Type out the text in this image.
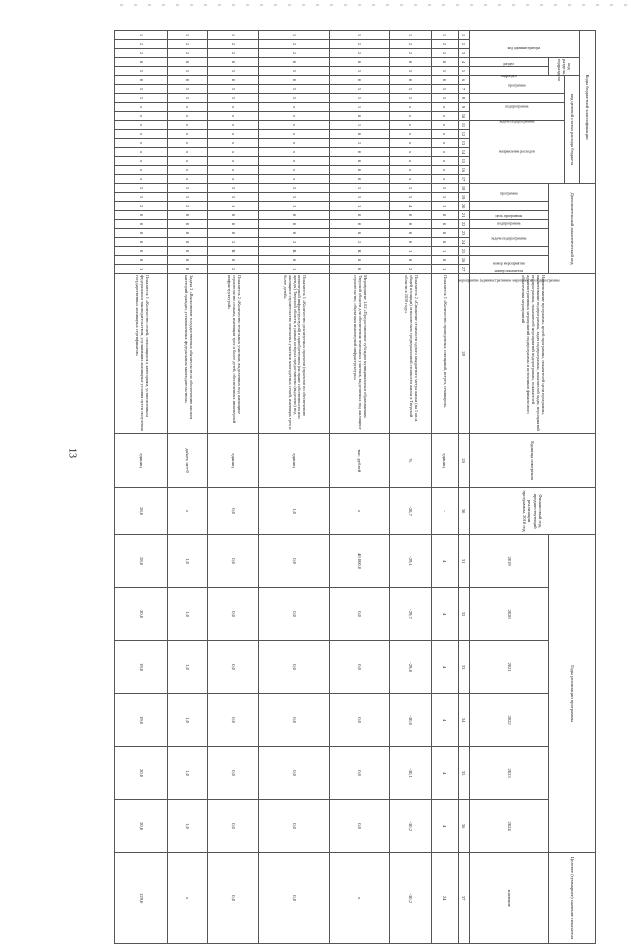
13
Коды бюджетной классификации																	Дополнительный аналитический код										Наименование программы, целей программы, показателей цели программы, наименование подпрограммы, задач подпрограммы, показателей задач, мероприятий подпрограммы, показателей мероприятий подпрограммы, показателей административных мероприятий подпрограммы и источников финансового обеспечения мероприятий	Единица измерения	Финансовый год, предшествующий реализации программы, 2018 год	Годы реализации программы						Целевое (суммарное) значение показателя
код администратора			код раздела, подраздела		код целевой статьи расхода бюджета																															
					программа		подпрограмма	задача подпрограммы		направление расходов																										
			раздел	подраздел													программа		цель программы	подпрограмма	задача подпрограммы	мероприятие (административное мероприятие) подпрограммы		номер мероприятия	номер показателя					2019	2020	2021	2022	2023	2024	значение
1	2	3	4	5	6	7	8	9	10	11	12	13	14	15	16	17	18	19	20	21	22	23	24	25	26	27	28	29	30	31	32	33	34	35	36	37
1	2	2	0	5	0	5	5	х	х	х	х	х	х	х	х	х	5	5	1	0	0	0	0	1	0	1	Показатель 1 «Количество проведенных совещаний, встреч, семинаров»	единиц	-	4	4	4	4	4	4	24
1	2	2	0	5	0	5	5	х	х	х	х	х	х	х	х	х	5	5	4	0	0	0	0	1	0	2	Показатель 2 «Снижение стоимости одного квадратного метра жилья (на 1 кв.м. общей площади) относительно среднерыночной стоимости жилья в Тверской области в 2018 году»	%	-28,7	-29,1	-29,7	-29,8	-30,0	-30,1	-30,2	-30,2
1	2	2	0	5	0	5	5	1	0	1	0	2	0	0	0	0	5	5	1	0	0	0	2	К	0	0	Мероприятие 1.02 «Предоставление субсидии муниципальным образованиям Тверской области для обеспечения земельных участков, выделяемых под жилищное строительство, объектами инженерной инфраструктуры»	тыс. рублей	х	40 000,0	0,0	0,0	0,0	0,0	0,0	х
1	2	2	0	5	0	5	5	х	х	х	х	х	х	х	х	х	5	5	1	0	0	0	2	К	0	1	Показатель 1 «Количество реализуемых проектов (проектов по обеспечению инженерной инфраструктурой) в приобретенном (на праве собственности или аренды) Тверской области, в рамках которых предоставлено (выделено) под жилищное строительство земельных участков многодетных семей, имеющих трех и более детей»	единиц	1,0	0,0	0,0	0,0	0,0	0,0	0,0	0,0
1	2	2	0	5	0	5	5	х	х	х	х	х	х	х	х	х	5	5	1	0	0	0	2	К	0	2	Показатель 2 «Количество земельных участков, выделенных под жилищное строительство семьям, имеющим трех и более детей, обеспеченных инженерной инфраструктурой»	единиц	0,0	0,0	0,0	0,0	0,0	0,0	0,0	0,0
1	2	2	0	5	0	5	5	х	х	х	х	х	х	х	х	х	5	5	2	0	0	0	0	0	0	0	Задача 2 «Выполнение государственных обязательств по обеспечению жильем категорий граждан, установленных федеральным законодательством»	да/нет, нет-0	х	1,0	1,0	1,0	1,0	1,0	1,0	х
1	2	2	0	5	0	5	5	х	х	х	х	х	х	х	х	х	5	5	2	0	0	0	0	0	0	1	Показатель 1 «Количество семей, относящихся к категориям, установленным федеральным законодательством, улучшивших жилищные условия путем получения государственных жилищных сертификатов»	единиц	28,0	28,0	20,0	19,0	19,0	20,0	20,0	129,0
